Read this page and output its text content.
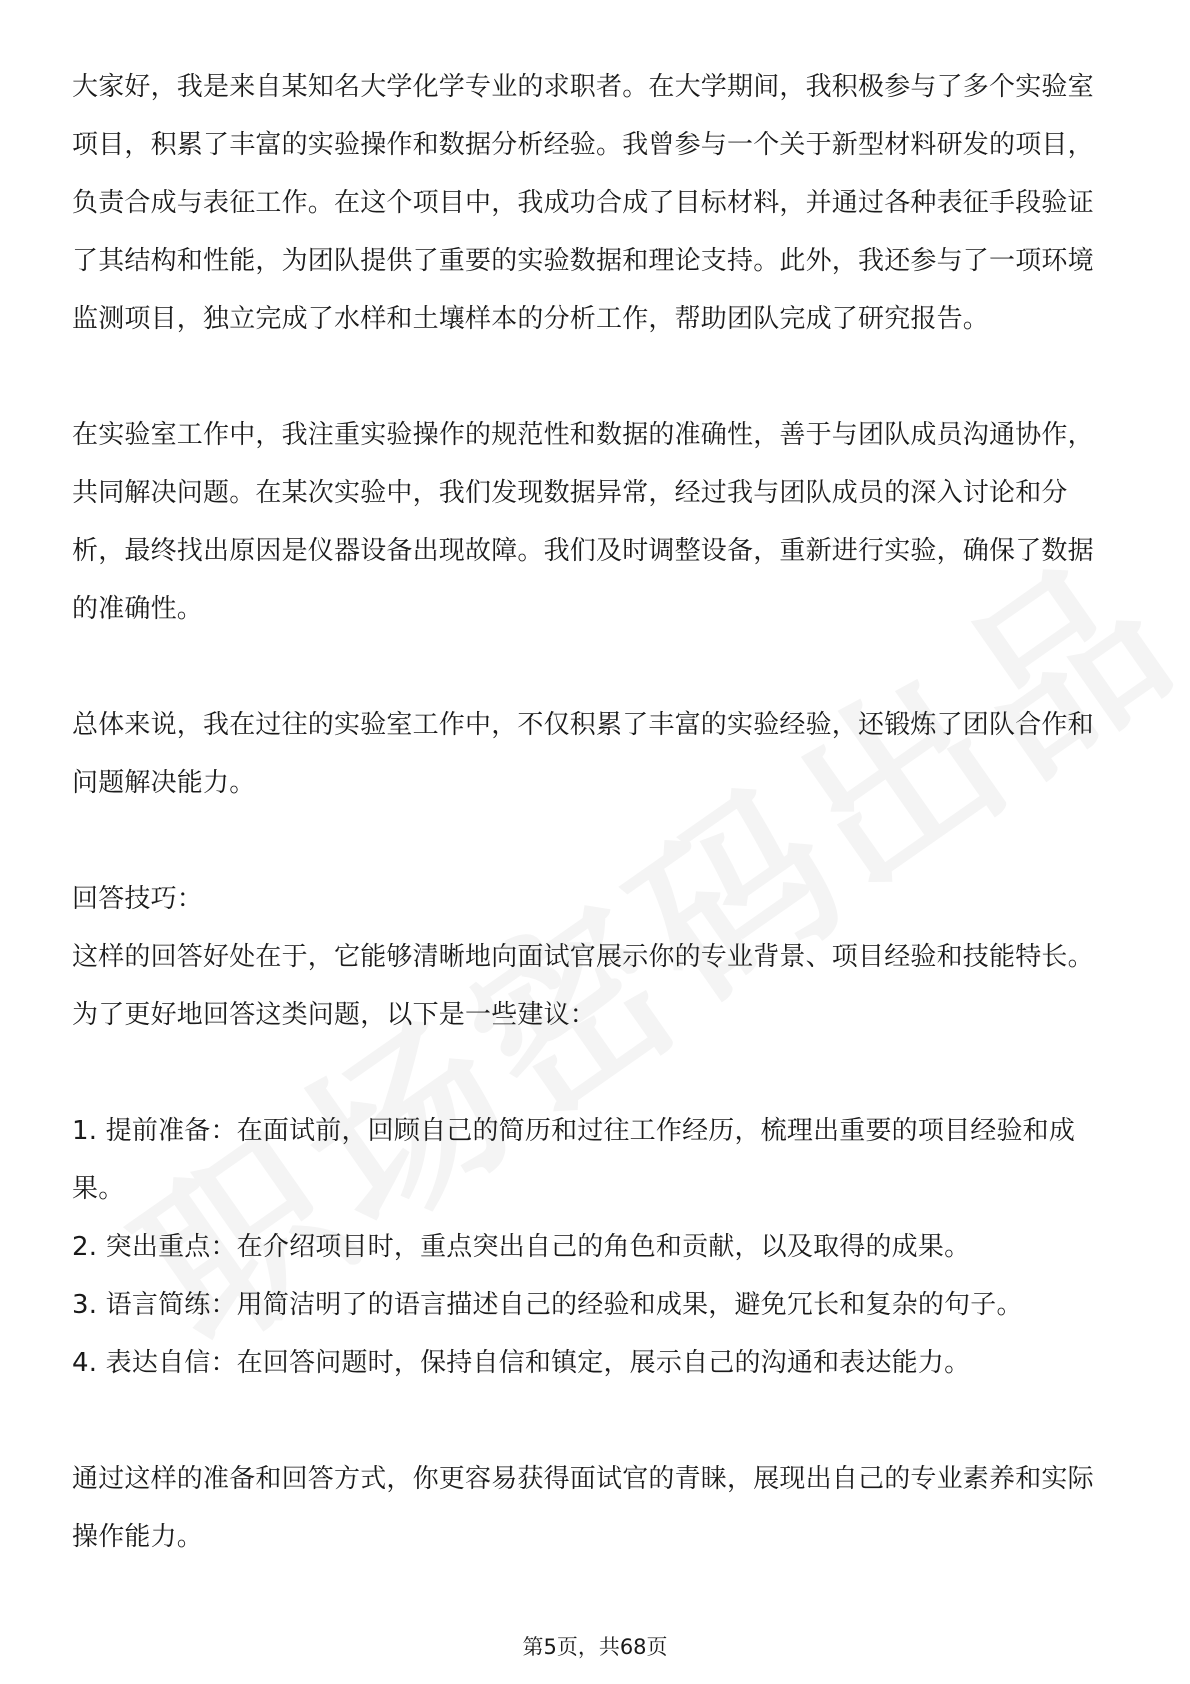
大家好，我是来自某知名大学化学专业的求职者。在大学期间，我积极参与了多个实验室项目，积累了丰富的实验操作和数据分析经验。我曾参与一个关于新型材料研发的项目，负责合成与表征工作。在这个项目中，我成功合成了目标材料，并通过各种表征手段验证了其结构和性能，为团队提供了重要的实验数据和理论支持。此外，我还参与了一项环境监测项目，独立完成了水样和土壤样本的分析工作，帮助团队完成了研究报告。

在实验室工作中，我注重实验操作的规范性和数据的准确性，善于与团队成员沟通协作，共同解决问题。在某次实验中，我们发现数据异常，经过我与团队成员的深入讨论和分析，最终找出原因是仪器设备出现故障。我们及时调整设备，重新进行实验，确保了数据的准确性。

总体来说，我在过往的实验室工作中，不仅积累了丰富的实验经验，还锻炼了团队合作和问题解决能力。

回答技巧：

这样的回答好处在于，它能够清晰地向面试官展示你的专业背景、项目经验和技能特长。为了更好地回答这类问题，以下是一些建议：

1. 提前准备：在面试前，回顾自己的简历和过往工作经历，梳理出重要的项目经验和成果。

2. 突出重点：在介绍项目时，重点突出自己的角色和贡献，以及取得的成果。

3. 语言简练：用简洁明了的语言描述自己的经验和成果，避免冗长和复杂的句子。

4. 表达自信：在回答问题时，保持自信和镇定，展示自己的沟通和表达能力。

通过这样的准备和回答方式，你更容易获得面试官的青睐，展现出自己的专业素养和实际操作能力。

第5页，共68页
